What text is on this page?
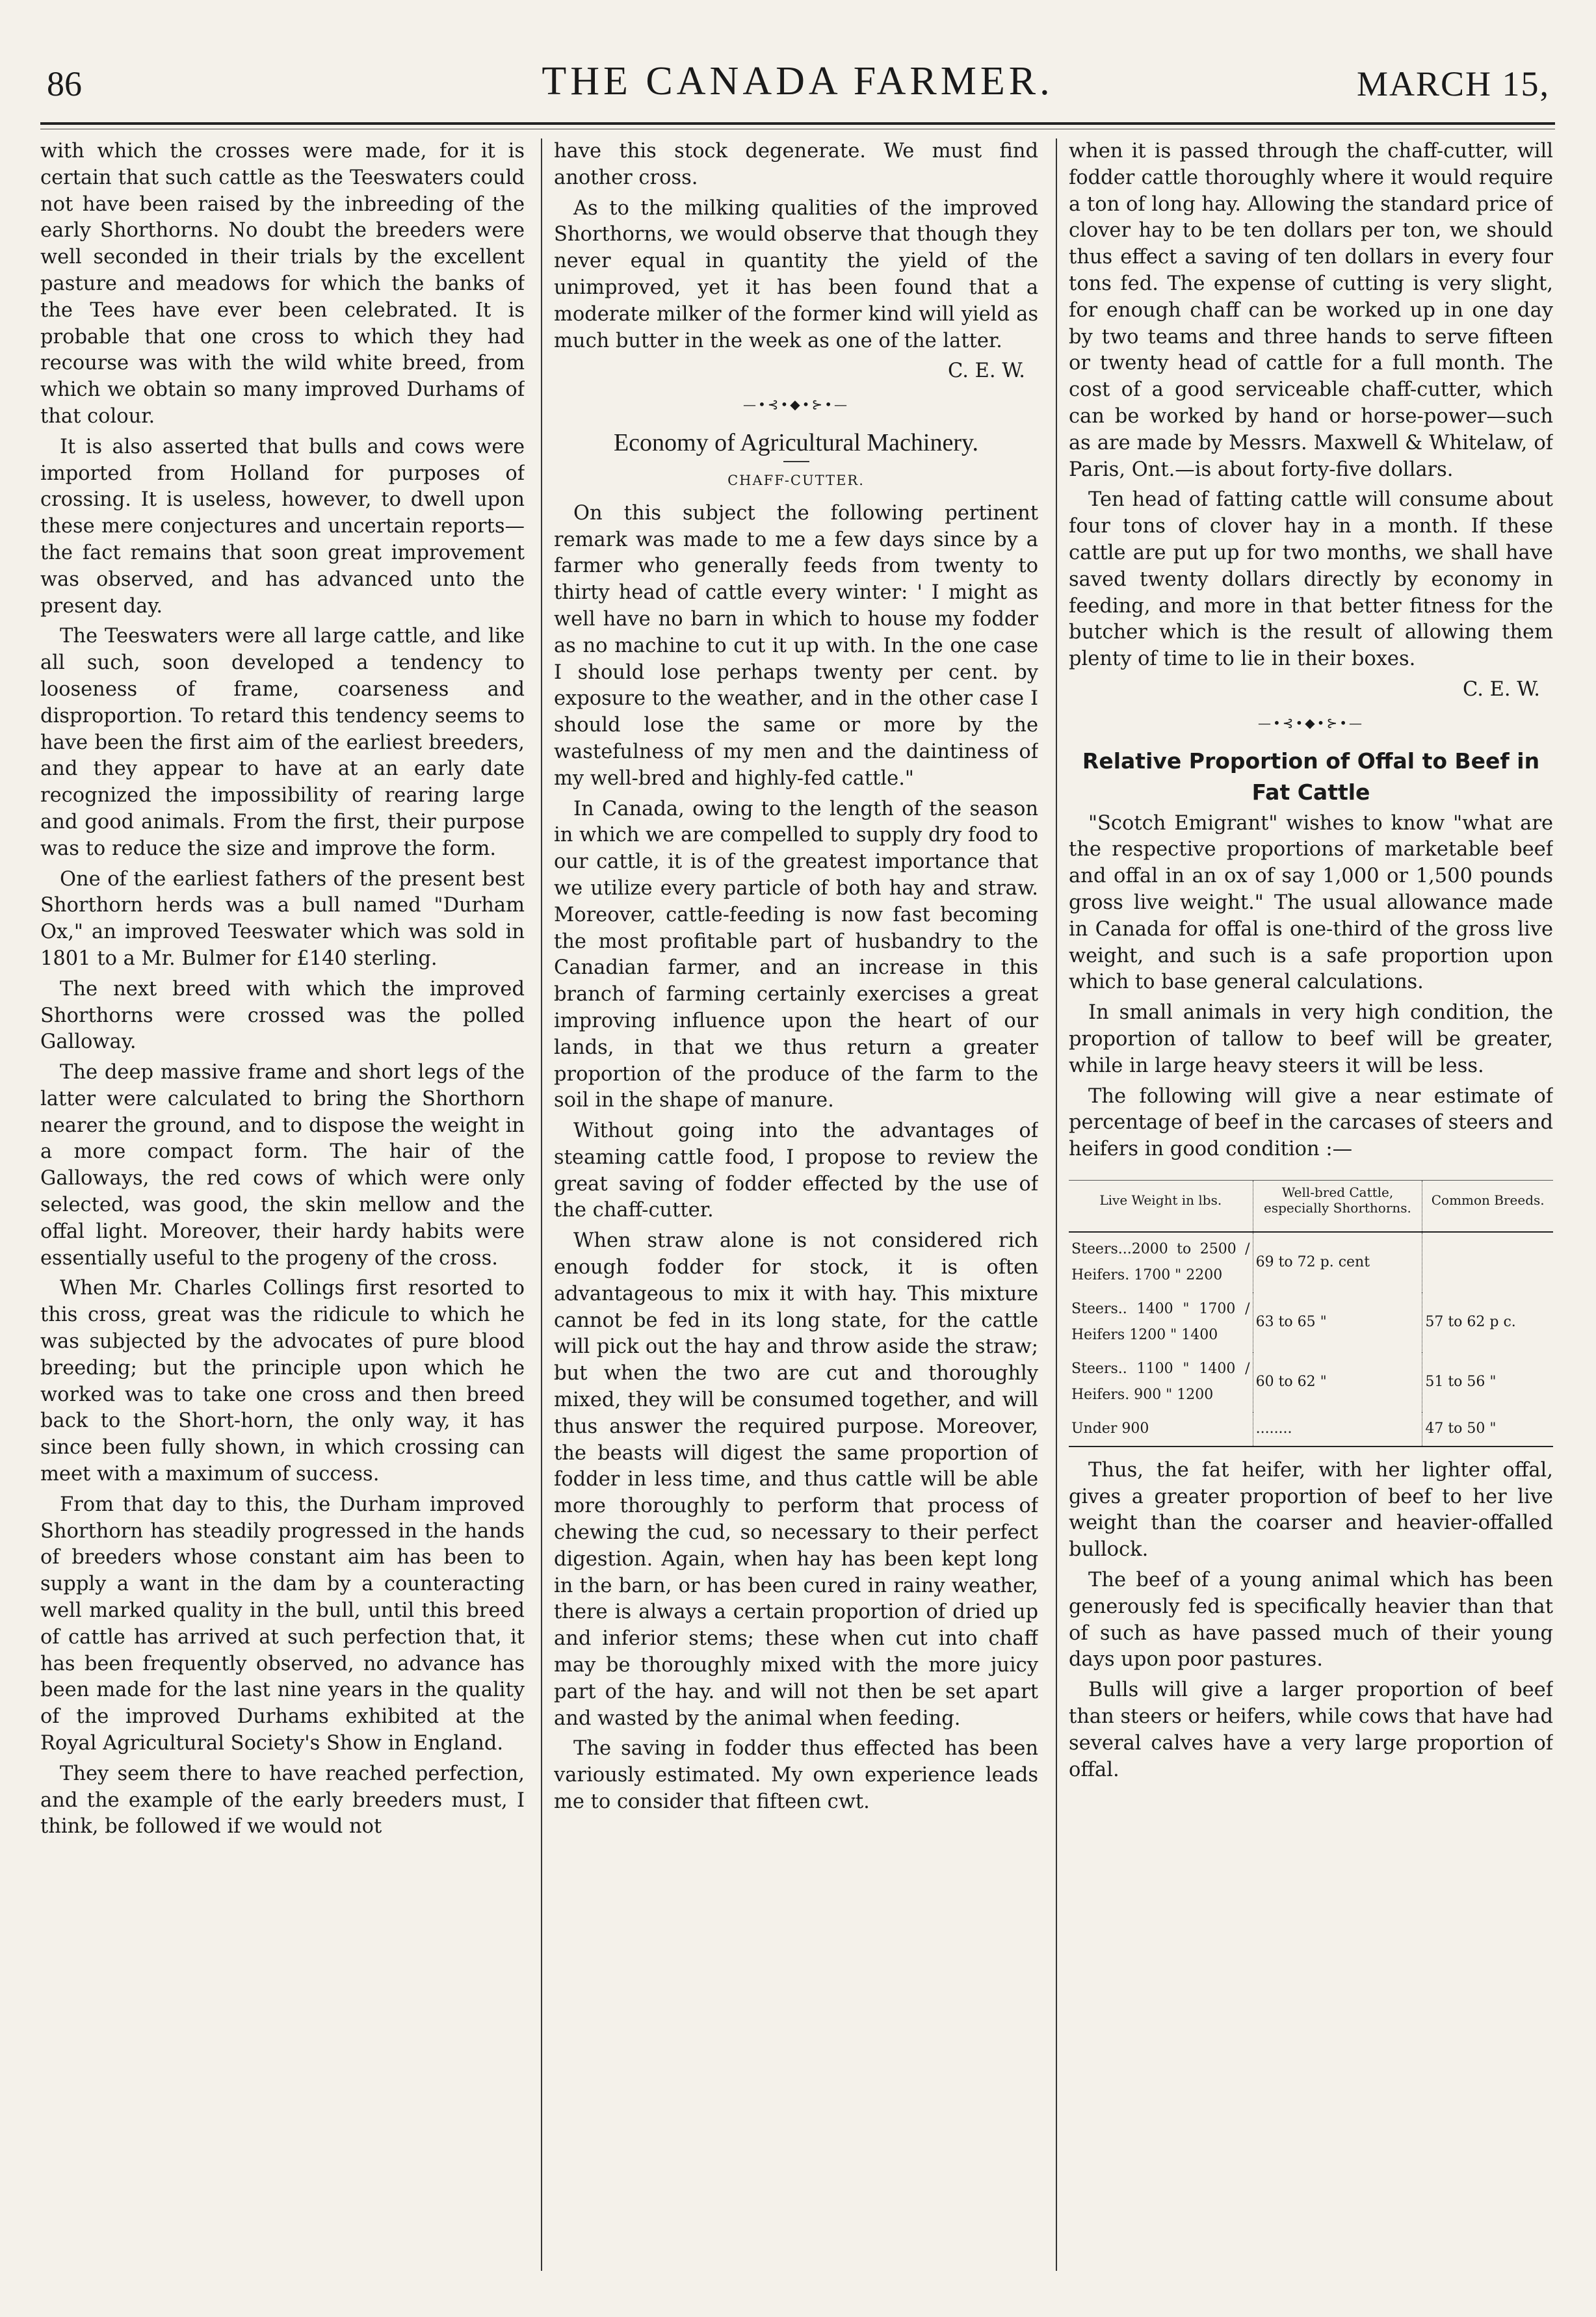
86	THE CANADA FARMER.	MARCH 15,

with which the crosses were made, for it is certain that such cattle as the Teeswaters could not have been raised by the inbreeding of the early Shorthorns. No doubt the breeders were well seconded in their trials by the excellent pasture and meadows for which the banks of the Tees have ever been celebrated. It is probable that one cross to which they had recourse was with the wild white breed, from which we obtain so many improved Durhams of that colour.

It is also asserted that bulls and cows were imported from Holland for purposes of crossing. It is useless, however, to dwell upon these mere conjectures and uncertain reports—the fact remains that soon great improvement was observed, and has advanced unto the present day.

The Teeswaters were all large cattle, and like all such, soon developed a tendency to looseness of frame, coarseness and disproportion. To retard this tendency seems to have been the first aim of the earliest breeders, and they appear to have at an early date recognized the impossibility of rearing large and good animals. From the first, their purpose was to reduce the size and improve the form.

One of the earliest fathers of the present best Shorthorn herds was a bull named "Durham Ox," an improved Teeswater which was sold in 1801 to a Mr. Bulmer for £140 sterling.

The next breed with which the improved Shorthorns were crossed was the polled Galloway.

The deep massive frame and short legs of the latter were calculated to bring the Shorthorn nearer the ground, and to dispose the weight in a more compact form. The hair of the Galloways, the red cows of which were only selected, was good, the skin mellow and the offal light. Moreover, their hardy habits were essentially useful to the progeny of the cross.

When Mr. Charles Collings first resorted to this cross, great was the ridicule to which he was subjected by the advocates of pure blood breeding; but the principle upon which he worked was to take one cross and then breed back to the Short-horn, the only way, it has since been fully shown, in which crossing can meet with a maximum of success.

From that day to this, the Durham improved Shorthorn has steadily progressed in the hands of breeders whose constant aim has been to supply a want in the dam by a counteracting well marked quality in the bull, until this breed of cattle has arrived at such perfection that, it has been frequently observed, no advance has been made for the last nine years in the quality of the improved Durhams exhibited at the Royal Agricultural Society's Show in England.

They seem there to have reached perfection, and the example of the early breeders must, I think, be followed if we would not

have this stock degenerate. We must find another cross.

As to the milking qualities of the improved Shorthorns, we would observe that though they never equal in quantity the yield of the unimproved, yet it has been found that a moderate milker of the former kind will yield as much butter in the week as one of the latter.

C. E. W.

—•⊰•◆•⊱•—
Economy of Agricultural Machinery.
CHAFF-CUTTER.

On this subject the following pertinent remark was made to me a few days since by a farmer who generally feeds from twenty to thirty head of cattle every winter: ' I might as well have no barn in which to house my fodder as no machine to cut it up with. In the one case I should lose perhaps twenty per cent. by exposure to the weather, and in the other case I should lose the same or more by the wastefulness of my men and the daintiness of my well-bred and highly-fed cattle."

In Canada, owing to the length of the season in which we are compelled to supply dry food to our cattle, it is of the greatest importance that we utilize every particle of both hay and straw. Moreover, cattle-feeding is now fast becoming the most profitable part of husbandry to the Canadian farmer, and an increase in this branch of farming certainly exercises a great improving influence upon the heart of our lands, in that we thus return a greater proportion of the produce of the farm to the soil in the shape of manure.

Without going into the advantages of steaming cattle food, I propose to review the great saving of fodder effected by the use of the chaff-cutter.

When straw alone is not considered rich enough fodder for stock, it is often advantageous to mix it with hay. This mixture cannot be fed in its long state, for the cattle will pick out the hay and throw aside the straw; but when the two are cut and thoroughly mixed, they will be consumed together, and will thus answer the required purpose. Moreover, the beasts will digest the same proportion of fodder in less time, and thus cattle will be able more thoroughly to perform that process of chewing the cud, so necessary to their perfect digestion. Again, when hay has been kept long in the barn, or has been cured in rainy weather, there is always a certain proportion of dried up and inferior stems; these when cut into chaff may be thoroughly mixed with the more juicy part of the hay. and will not then be set apart and wasted by the animal when feeding.

The saving in fodder thus effected has been variously estimated. My own experience leads me to consider that fifteen cwt.

when it is passed through the chaff-cutter, will fodder cattle thoroughly where it would require a ton of long hay. Allowing the standard price of clover hay to be ten dollars per ton, we should thus effect a saving of ten dollars in every four tons fed. The expense of cutting is very slight, for enough chaff can be worked up in one day by two teams and three hands to serve fifteen or twenty head of cattle for a full month. The cost of a good serviceable chaff-cutter, which can be worked by hand or horse-power—such as are made by Messrs. Maxwell & Whitelaw, of Paris, Ont.—is about forty-five dollars.

Ten head of fatting cattle will consume about four tons of clover hay in a month. If these cattle are put up for two months, we shall have saved twenty dollars directly by economy in feeding, and more in that better fitness for the butcher which is the result of allowing them plenty of time to lie in their boxes.

C. E. W.

—•⊰•◆•⊱•—
Relative Proportion of Offal to Beef in Fat Cattle

"Scotch Emigrant" wishes to know "what are the respective proportions of marketable beef and offal in an ox of say 1,000 or 1,500 pounds gross live weight." The usual allowance made in Canada for offal is one-third of the gross live weight, and such is a safe proportion upon which to base general calculations.

In small animals in very high condition, the proportion of tallow to beef will be greater, while in large heavy steers it will be less.

The following will give a near estimate of percentage of beef in the carcases of steers and heifers in good condition :—

Live Weight in lbs.	Well-bred Cattle, especially Shorthorns.	Common Breeds.
Steers...2000 to 2500 / Heifers. 1700 " 2200	69 to 72 p. cent	
Steers.. 1400 " 1700 / Heifers 1200 " 1400	63 to 65 "	57 to 62 p c.
Steers.. 1100 " 1400 / Heifers. 900 " 1200	60 to 62 "	51 to 56 "
Under 900	........	47 to 50 "

Thus, the fat heifer, with her lighter offal, gives a greater proportion of beef to her live weight than the coarser and heavier-offalled bullock.

The beef of a young animal which has been generously fed is specifically heavier than that of such as have passed much of their young days upon poor pastures.

Bulls will give a larger proportion of beef than steers or heifers, while cows that have had several calves have a very large proportion of offal.
